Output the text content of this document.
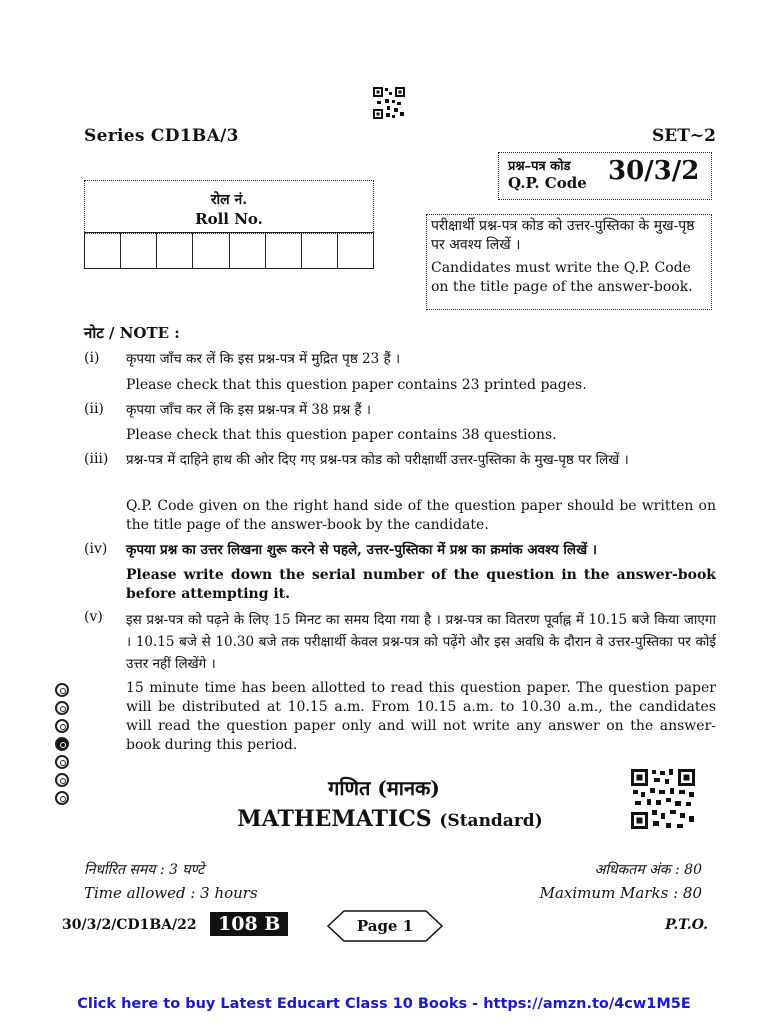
Series CD1BA/3	SET~2
प्रश्न–पत्र कोड
Q.P. Code 30/3/2
रोल नं.
Roll No.	परीक्षार्थी प्रश्न-पत्र कोड को उत्तर-पुस्तिका के मुख-पृष्ठ पर अवश्य लिखें ।

Candidates must write the Q.P. Code on the title page of the answer-book.

नोट / NOTE :
(i) कृपया जाँच कर लें कि इस प्रश्न-पत्र में मुद्रित पृष्ठ 23 हैं ।
Please check that this question paper contains 23 printed pages.
(ii) कृपया जाँच कर लें कि इस प्रश्न-पत्र में 38 प्रश्न हैं ।
Please check that this question paper contains 38 questions.
(iii) प्रश्न-पत्र में दाहिने हाथ की ओर दिए गए प्रश्न-पत्र कोड को परीक्षार्थी उत्तर-पुस्तिका के मुख-पृष्ठ पर लिखें ।
Q.P. Code given on the right hand side of the question paper should be written on the title page of the answer-book by the candidate.
(iv) कृपया प्रश्न का उत्तर लिखना शुरू करने से पहले, उत्तर-पुस्तिका में प्रश्न का क्रमांक अवश्य लिखें ।
Please write down the serial number of the question in the answer-book before attempting it.
(v) इस प्रश्न-पत्र को पढ़ने के लिए 15 मिनट का समय दिया गया है । प्रश्न-पत्र का वितरण पूर्वाह्न में 10.15 बजे किया जाएगा । 10.15 बजे से 10.30 बजे तक परीक्षार्थी केवल प्रश्न-पत्र को पढ़ेंगे और इस अवधि के दौरान वे उत्तर-पुस्तिका पर कोई उत्तर नहीं लिखेंगे ।
15 minute time has been allotted to read this question paper. The question paper will be distributed at 10.15 a.m. From 10.15 a.m. to 10.30 a.m., the candidates will read the question paper only and will not write any answer on the answer-book during this period.
गणित (मानक)
MATHEMATICS (Standard)
निर्धारित समय : 3 घण्टे
Time allowed : 3 hours
अधिकतम अंक : 80
Maximum Marks : 80
30/3/2/CD1BA/22	108 B	Page 1	P.T.O.
Click here to buy Latest Educart Class 10 Books - https://amzn.to/4cw1M5E
